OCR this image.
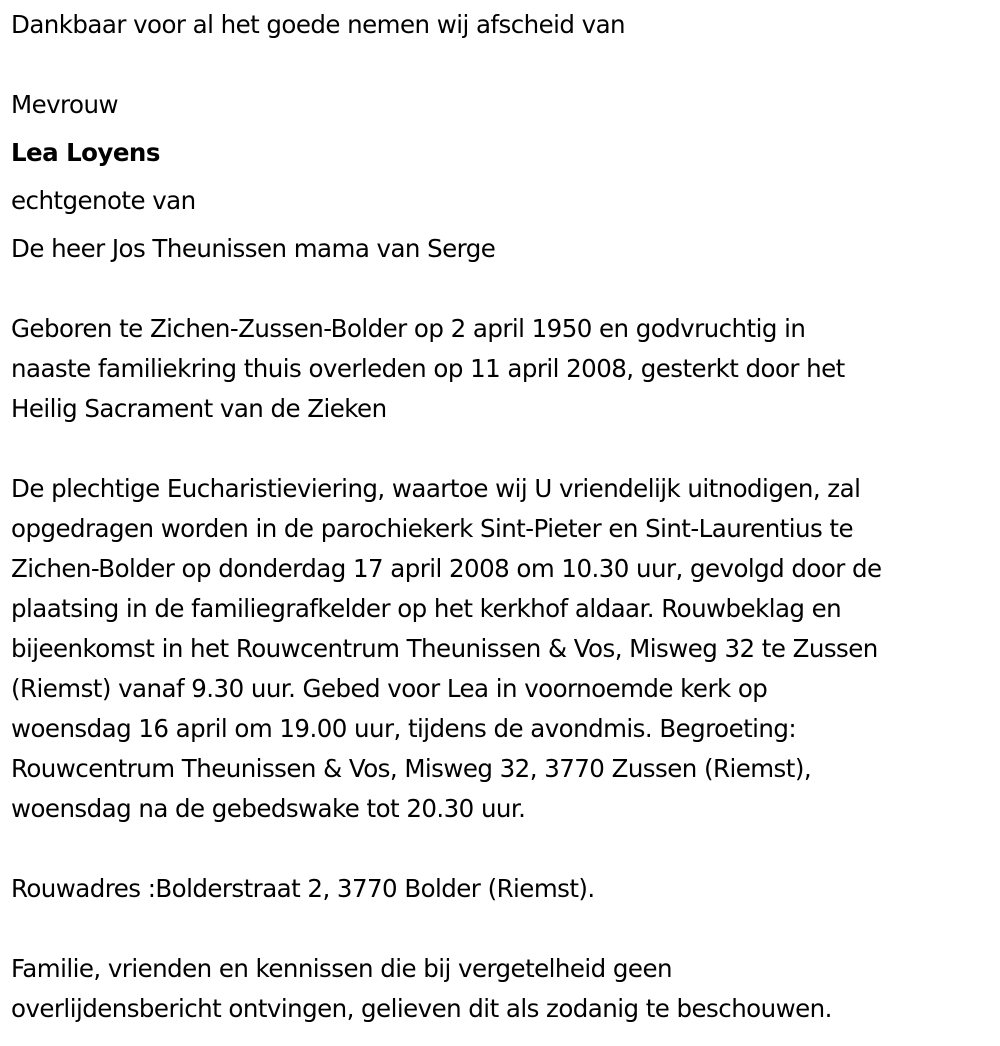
Dankbaar voor al het goede nemen wij afscheid van

Mevrouw

Lea Loyens

echtgenote van

De heer Jos Theunissen mama van Serge

Geboren te Zichen-Zussen-Bolder op 2 april 1950 en godvruchtig in

naaste familiekring thuis overleden op 11 april 2008, gesterkt door het

Heilig Sacrament van de Zieken

De plechtige Eucharistieviering, waartoe wij U vriendelijk uitnodigen, zal

opgedragen worden in de parochiekerk Sint-Pieter en Sint-Laurentius te

Zichen-Bolder op donderdag 17 april 2008 om 10.30 uur, gevolgd door de

plaatsing in de familiegrafkelder op het kerkhof aldaar. Rouwbeklag en

bijeenkomst in het Rouwcentrum Theunissen & Vos, Misweg 32 te Zussen

(Riemst) vanaf 9.30 uur. Gebed voor Lea in voornoemde kerk op

woensdag 16 april om 19.00 uur, tijdens de avondmis. Begroeting:

Rouwcentrum Theunissen & Vos, Misweg 32, 3770 Zussen (Riemst),

woensdag na de gebedswake tot 20.30 uur.

Rouwadres :Bolderstraat 2, 3770 Bolder (Riemst).

Familie, vrienden en kennissen die bij vergetelheid geen

overlijdensbericht ontvingen, gelieven dit als zodanig te beschouwen.
